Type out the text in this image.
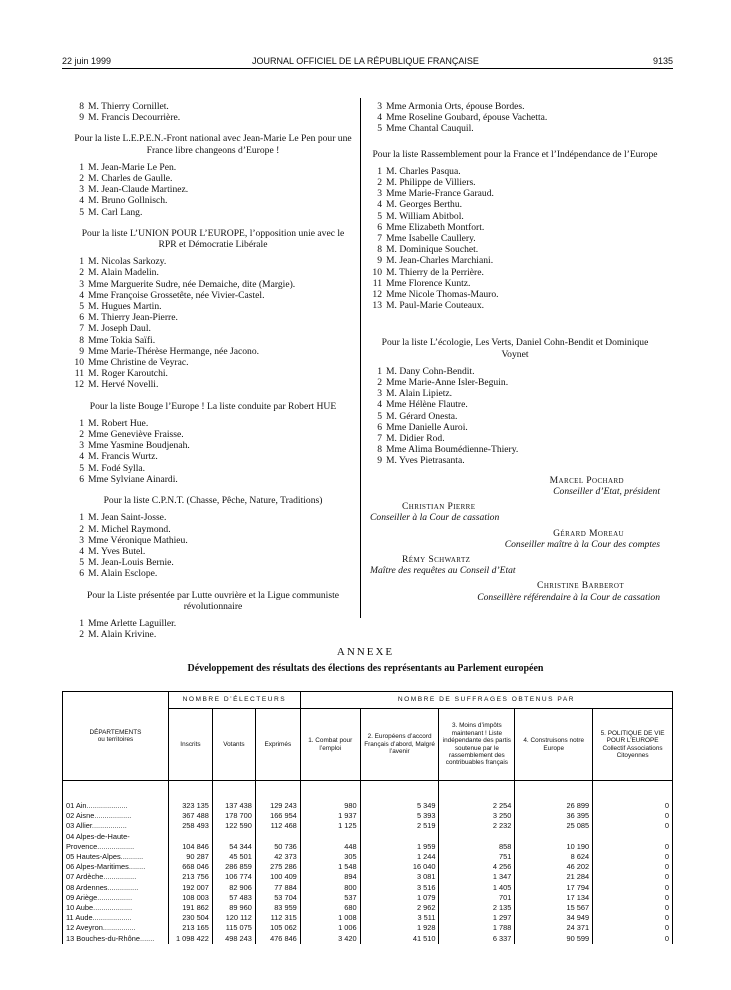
22 juin 1999	JOURNAL OFFICIEL DE LA RÉPUBLIQUE FRANÇAISE	9135
8 M. Thierry Cornillet.
9 M. Francis Decourrière.
Pour la liste L.E.P.E.N.-Front national avec Jean-Marie Le Pen pour une France libre changeons d’Europe !
1 M. Jean-Marie Le Pen.
2 M. Charles de Gaulle.
3 M. Jean-Claude Martinez.
4 M. Bruno Gollnisch.
5 M. Carl Lang.
Pour la liste L’UNION POUR L’EUROPE, l’opposition unie avec le RPR et Démocratie Libérale
1 M. Nicolas Sarkozy.
2 M. Alain Madelin.
3 Mme Marguerite Sudre, née Demaiche, dite (Margie).
4 Mme Françoise Grossetête, née Vivier-Castel.
5 M. Hugues Martin.
6 M. Thierry Jean-Pierre.
7 M. Joseph Daul.
8 Mme Tokia Saïfi.
9 Mme Marie-Thérèse Hermange, née Jacono.
10 Mme Christine de Veyrac.
11 M. Roger Karoutchi.
12 M. Hervé Novelli.
Pour la liste Bouge l’Europe ! La liste conduite par Robert HUE
1 M. Robert Hue.
2 Mme Geneviève Fraisse.
3 Mme Yasmine Boudjenah.
4 M. Francis Wurtz.
5 M. Fodé Sylla.
6 Mme Sylviane Ainardi.
Pour la liste C.P.N.T. (Chasse, Pêche, Nature, Traditions)
1 M. Jean Saint-Josse.
2 M. Michel Raymond.
3 Mme Véronique Mathieu.
4 M. Yves Butel.
5 M. Jean-Louis Bernie.
6 M. Alain Esclope.
Pour la Liste présentée par Lutte ouvrière et la Ligue communiste révolutionnaire
1 Mme Arlette Laguiller.
2 M. Alain Krivine.
3 Mme Armonia Orts, épouse Bordes.
4 Mme Roseline Goubard, épouse Vachetta.
5 Mme Chantal Cauquil.
Pour la liste Rassemblement pour la France et l’Indépendance de l’Europe
1 M. Charles Pasqua.
2 M. Philippe de Villiers.
3 Mme Marie-France Garaud.
4 M. Georges Berthu.
5 M. William Abitbol.
6 Mme Elizabeth Montfort.
7 Mme Isabelle Caullery.
8 M. Dominique Souchet.
9 M. Jean-Charles Marchiani.
10 M. Thierry de la Perrière.
11 Mme Florence Kuntz.
12 Mme Nicole Thomas-Mauro.
13 M. Paul-Marie Couteaux.
Pour la liste L’écologie, Les Verts, Daniel Cohn-Bendit et Dominique Voynet
1 M. Dany Cohn-Bendit.
2 Mme Marie-Anne Isler-Beguin.
3 M. Alain Lipietz.
4 Mme Hélène Flautre.
5 M. Gérard Onesta.
6 Mme Danielle Auroi.
7 M. Didier Rod.
8 Mme Alima Boumédienne-Thiery.
9 M. Yves Pietrasanta.
Marcel Pochard
Conseiller d’Etat, président
Christian Pierre
Conseiller à la Cour de cassation
Gérard Moreau
Conseiller maître à la Cour des comptes
Rémy Schwartz
Maître des requêtes au Conseil d’Etat
Christine Barberot
Conseillère référendaire à la Cour de cassation
ANNEXE
Développement des résultats des élections des représentants au Parlement européen
DÉPARTEMENTS
ou territoires	NOMBRE D’ÉLECTEURS			NOMBRE DE SUFFRAGES OBTENUS PAR				
	Inscrits	Votants	Exprimés	1. Combat pour l’emploi	2. Européens d’accord Français d’abord, Malgré l’avenir	3. Moins d’impôts maintenant ! Liste indépendante des partis soutenue par le rassemblement des contribuables français	4. Construisons notre Europe	5. POLITIQUE DE VIE POUR L’EUROPE Collectif Associations Citoyennes

01 Ain....................	323 135	137 438	129 243	980	5 349	2 254	26 899	0
02 Aisne..................	367 488	178 700	166 954	1 937	5 393	3 250	36 395	0
03 Allier.................	258 493	122 590	112 468	1 125	2 519	2 232	25 085	0
04 Alpes-de-Haute-								
Provence..................	104 846	54 344	50 736	448	1 959	858	10 190	0
05 Hautes-Alpes...........	90 287	45 501	42 373	305	1 244	751	8 624	0
06 Alpes-Maritimes........	668 046	286 859	275 286	1 548	16 040	4 256	46 202	0
07 Ardèche................	213 756	106 774	100 409	894	3 081	1 347	21 284	0
08 Ardennes...............	192 007	82 906	77 884	800	3 516	1 405	17 794	0
09 Ariège.................	108 003	57 483	53 704	537	1 079	701	17 134	0
10 Aube...................	191 862	89 960	83 959	680	2 962	2 135	15 567	0
11 Aude...................	230 504	120 112	112 315	1 008	3 511	1 297	34 949	0
12 Aveyron................	213 165	115 075	105 062	1 006	1 928	1 788	24 371	0
13 Bouches-du-Rhône.......	1 098 422	498 243	476 846	3 420	41 510	6 337	90 599	0
